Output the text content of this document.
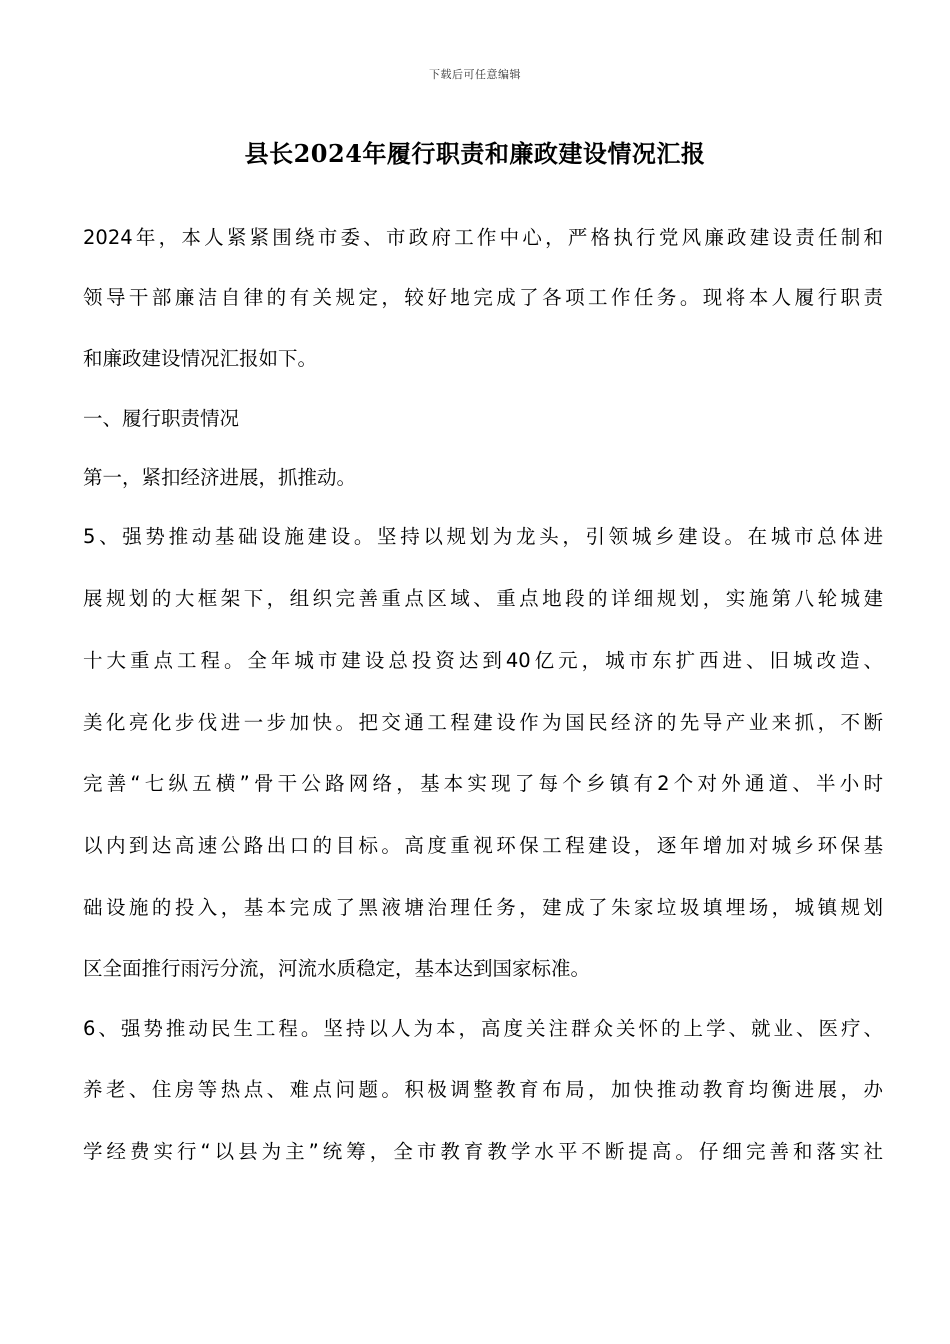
下载后可任意编辑
县长2024年履行职责和廉政建设情况汇报
2024年，本人紧紧围绕市委、市政府工作中心，严格执行党风廉政建设责任制和
领导干部廉洁自律的有关规定，较好地完成了各项工作任务。现将本人履行职责
和廉政建设情况汇报如下。
一、履行职责情况
第一，紧扣经济进展，抓推动。
5、强势推动基础设施建设。坚持以规划为龙头，引领城乡建设。在城市总体进
展规划的大框架下，组织完善重点区域、重点地段的详细规划，实施第八轮城建
十大重点工程。全年城市建设总投资达到40亿元，城市东扩西进、旧城改造、
美化亮化步伐进一步加快。把交通工程建设作为国民经济的先导产业来抓，不断
完善“七纵五横”骨干公路网络，基本实现了每个乡镇有2个对外通道、半小时
以内到达高速公路出口的目标。高度重视环保工程建设，逐年增加对城乡环保基
础设施的投入，基本完成了黑液塘治理任务，建成了朱家垃圾填埋场，城镇规划
区全面推行雨污分流，河流水质稳定，基本达到国家标准。
6、强势推动民生工程。坚持以人为本，高度关注群众关怀的上学、就业、医疗、
养老、住房等热点、难点问题。积极调整教育布局，加快推动教育均衡进展，办
学经费实行“以县为主”统筹，全市教育教学水平不断提高。仔细完善和落实社
